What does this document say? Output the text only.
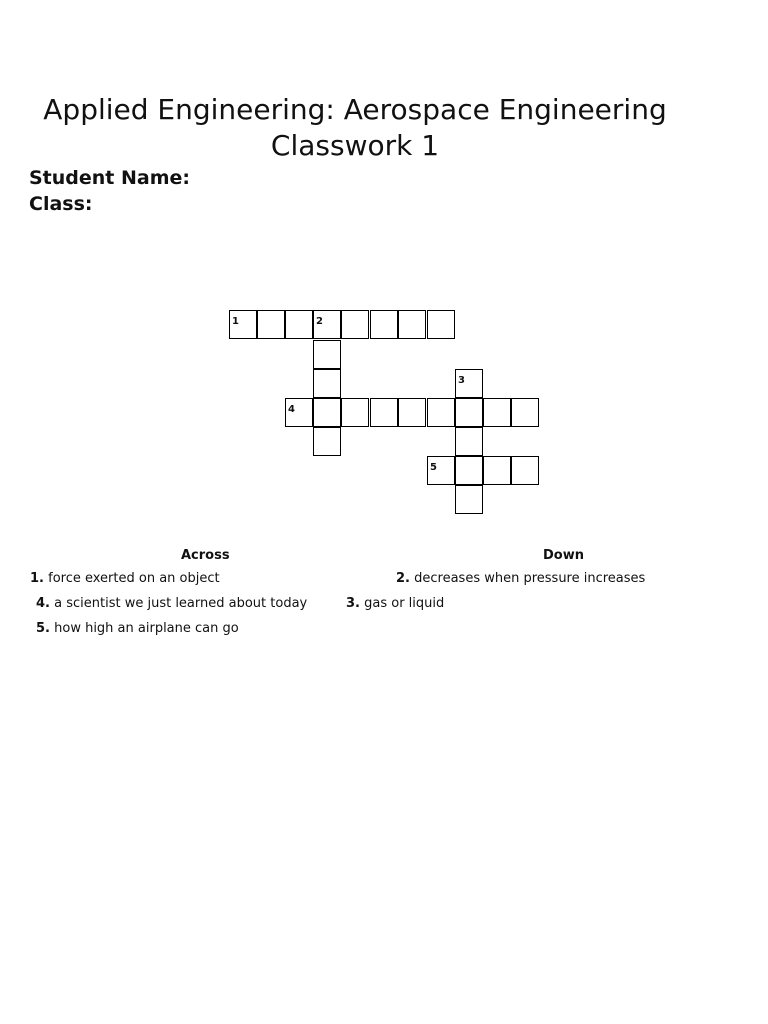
Applied Engineering: Aerospace Engineering
Classwork 1
Student Name:
Class:
1	2
3
4
5
Across	Down
1. force exerted on an object
4. a scientist we just learned about today
5. how high an airplane can go
2. decreases when pressure increases
3. gas or liquid
